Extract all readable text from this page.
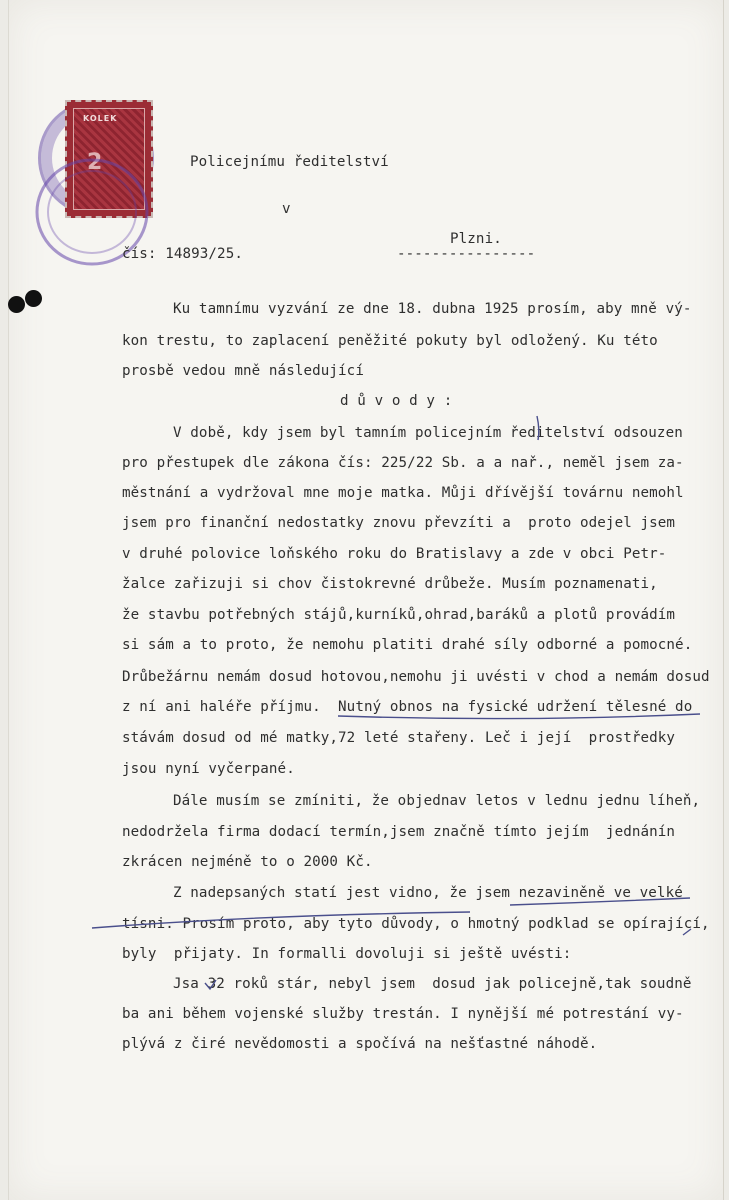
KOLEK
2	Policejnímu ředitelství
v
Plzni.
----------------
čís: 14893/25.
Ku tamnímu vyzvání ze dne 18. dubna 1925 prosím, aby mně vý-
kon trestu, to zaplacení peněžité pokuty byl odložený. Ku této
prosbě vedou mně následující
d ů v o d y :
V době, kdy jsem byl tamním policejním ředitelství odsouzen
pro přestupek dle zákona čís: 225/22 Sb. a a nař., neměl jsem za-
městnání a vydržoval mne moje matka. Můji dřívější továrnu nemohl
jsem pro finanční nedostatky znovu převzíti a  proto odejel jsem
v druhé polovice loňského roku do Bratislavy a zde v obci Petr-
žalce zařizuji si chov čistokrevné drůbeže. Musím poznamenati,
že stavbu potřebných stájů,kurníků,ohrad,baráků a plotů provádím
si sám a to proto, že nemohu platiti drahé síly odborné a pomocné.
Drůbežárnu nemám dosud hotovou,nemohu ji uvésti v chod a nemám dosud
z ní ani haléře příjmu.  Nutný obnos na fysické udržení tělesné do
stávám dosud od mé matky,72 leté stařeny. Leč i její  prostředky
jsou nyní vyčerpané.
Dále musím se zmíniti, že objednav letos v lednu jednu líheň,
nedodržela firma dodací termín,jsem značně tímto jejím  jednánín
zkrácen nejméně to o 2000 Kč.
Z nadepsaných statí jest vidno, že jsem nezaviněně ve velké
tísni. Prosím proto, aby tyto důvody, o hmotný podklad se opírající,
byly  přijaty. In formalli dovoluji si ještě uvésti:
Jsa 32 roků stár, nebyl jsem  dosud jak policejně,tak soudně
ba ani během vojenské služby trestán. I nynější mé potrestání vy-
plývá z čiré nevědomosti a spočívá na nešťastné náhodě.
